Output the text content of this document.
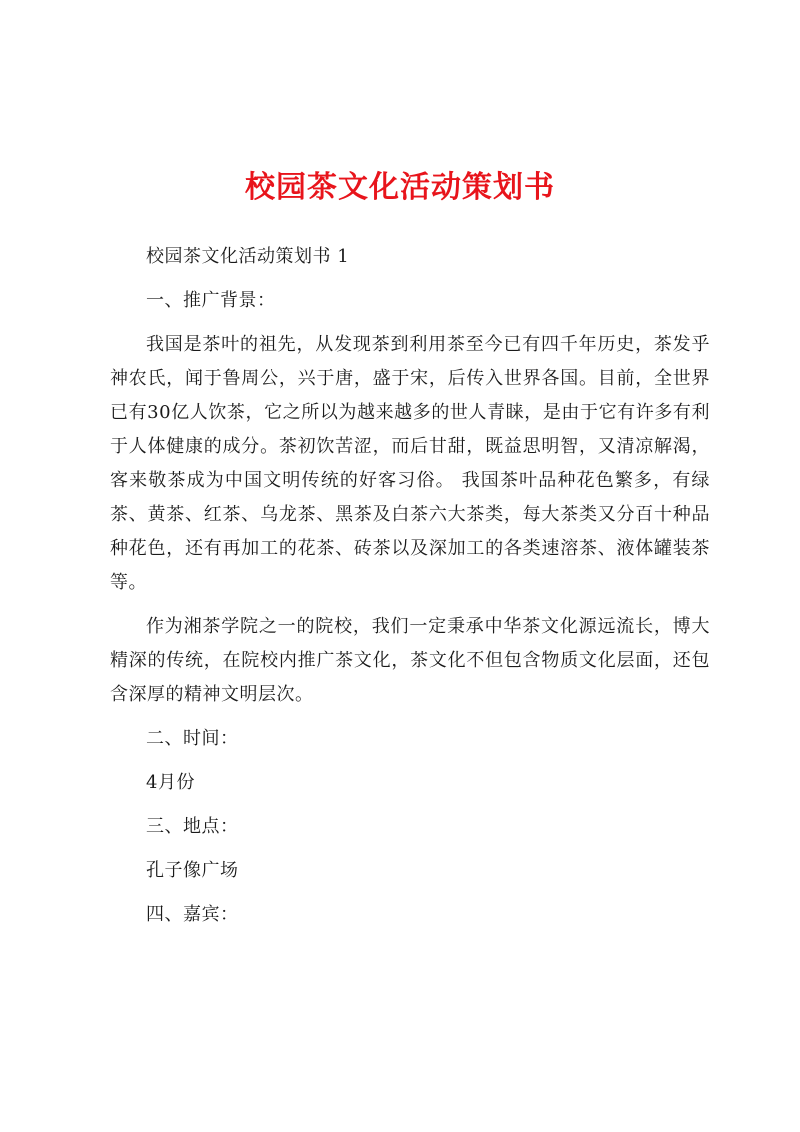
校园茶文化活动策划书

校园茶文化活动策划书 1

一、推广背景：

我国是茶叶的祖先，从发现茶到利用茶至今已有四千年历史，茶发乎神农氏，闻于鲁周公，兴于唐，盛于宋，后传入世界各国。目前，全世界已有30亿人饮茶，它之所以为越来越多的世人青睐，是由于它有许多有利于人体健康的成分。茶初饮苦涩，而后甘甜，既益思明智，又清凉解渴，客来敬茶成为中国文明传统的好客习俗。 我国茶叶品种花色繁多，有绿茶、黄茶、红茶、乌龙茶、黑茶及白茶六大茶类，每大茶类又分百十种品种花色，还有再加工的花茶、砖茶以及深加工的各类速溶茶、液体罐装茶等。

作为湘茶学院之一的院校，我们一定秉承中华茶文化源远流长，博大精深的传统，在院校内推广茶文化，茶文化不但包含物质文化层面，还包含深厚的精神文明层次。

二、时间：

4月份

三、地点：

孔子像广场

四、嘉宾：
